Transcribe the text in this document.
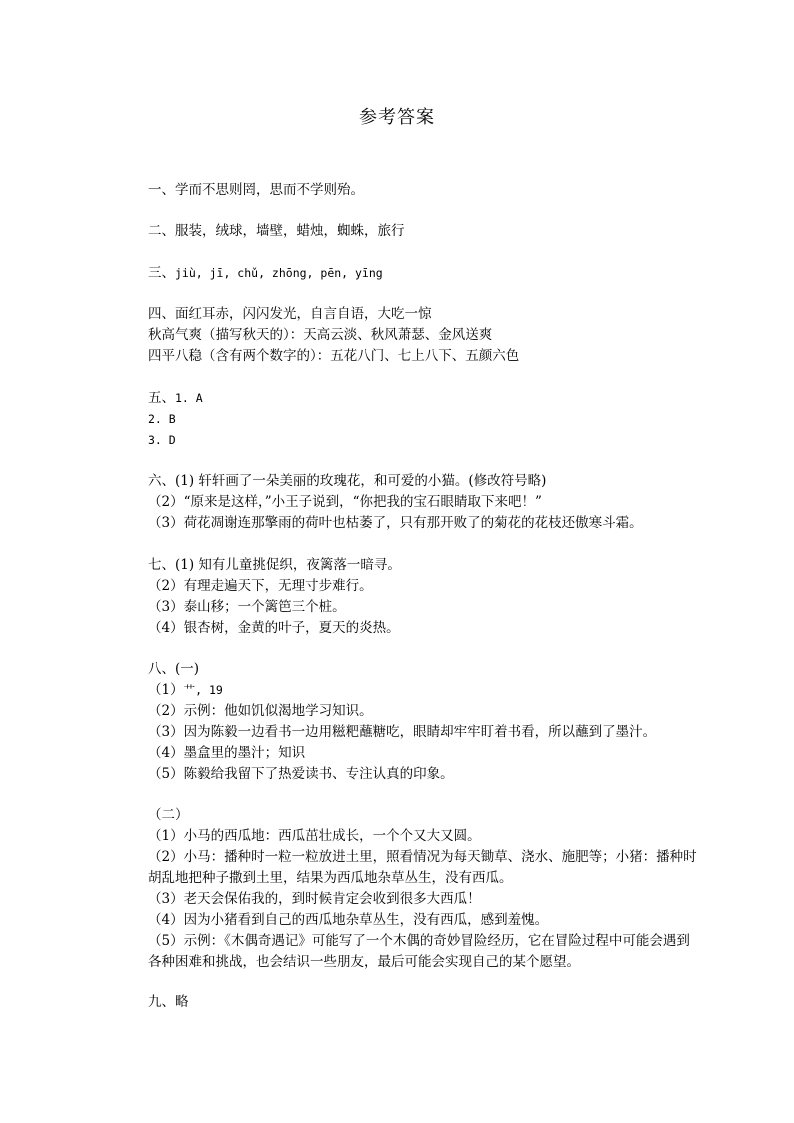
参考答案
一、学而不思则罔，思而不学则殆。
二、服装，绒球，墙壁，蜡烛，蜘蛛，旅行
三、jiù, jī, chǔ, zhōng, pēn, yīng
四、面红耳赤，闪闪发光，自言自语，大吃一惊
秋高气爽（描写秋天的）：天高云淡、秋风萧瑟、金风送爽
四平八稳（含有两个数字的）：五花八门、七上八下、五颜六色
五、1. A
2. B
3. D
六、(1) 轩轩画了一朵美丽的玫瑰花，和可爱的小猫。(修改符号略)
（2）“原来是这样，”小王子说到，“你把我的宝石眼睛取下来吧！”
（3）荷花凋谢连那擎雨的荷叶也枯萎了，只有那开败了的菊花的花枝还傲寒斗霜。
七、(1) 知有儿童挑促织，夜篱落一暗寻。
（2）有理走遍天下，无理寸步难行。
（3）泰山移；一个篱笆三个桩。
（4）银杏树，金黄的叶子，夏天的炎热。
八、(一)
（1）艹, 19
（2）示例：他如饥似渴地学习知识。
（3）因为陈毅一边看书一边用糍粑蘸糖吃，眼睛却牢牢盯着书看，所以蘸到了墨汁。
（4）墨盒里的墨汁；知识
（5）陈毅给我留下了热爱读书、专注认真的印象。
（二）
（1）小马的西瓜地：西瓜茁壮成长，一个个又大又圆。
（2）小马：播种时一粒一粒放进土里，照看情况为每天锄草、浇水、施肥等；小猪：播种时
胡乱地把种子撒到土里，结果为西瓜地杂草丛生，没有西瓜。
（3）老天会保佑我的，到时候肯定会收到很多大西瓜！
（4）因为小猪看到自己的西瓜地杂草丛生，没有西瓜，感到羞愧。
（5）示例：《木偶奇遇记》可能写了一个木偶的奇妙冒险经历，它在冒险过程中可能会遇到
各种困难和挑战，也会结识一些朋友，最后可能会实现自己的某个愿望。
九、略
